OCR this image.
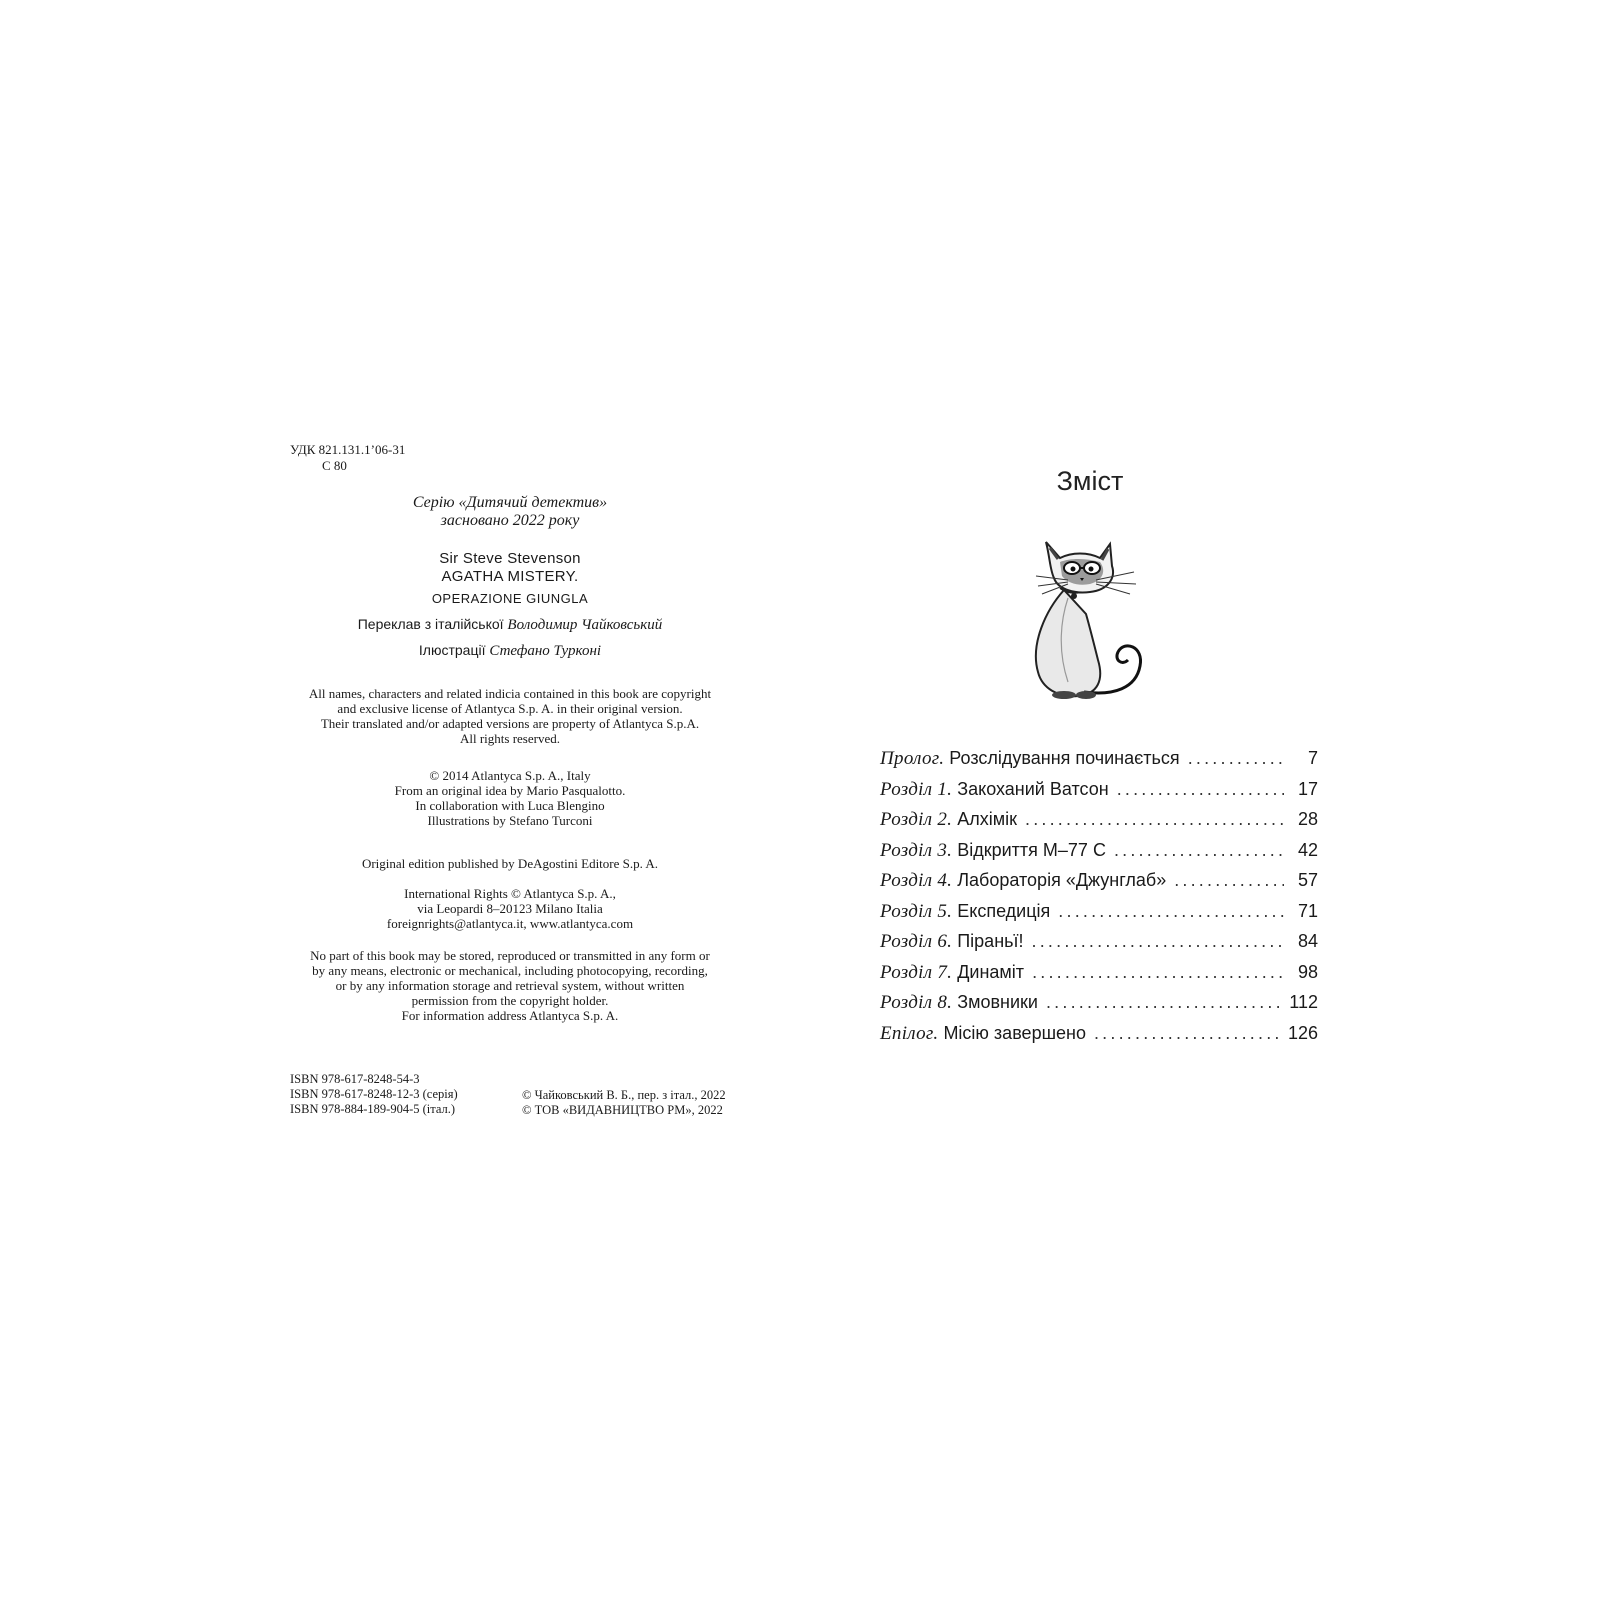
УДК 821.131.1’06-31
С 80
Серію «Дитячий детектив»
засновано 2022 року
Sir Steve Stevenson
AGATHA MISTERY.
OPERAZIONE GIUNGLA
Переклав з італійської Володимир Чайковський
Ілюстрації Стефано Турконі
All names, characters and related indicia contained in this book are copyright
and exclusive license of Atlantyca S.p. A. in their original version.
Their translated and/or adapted versions are property of Atlantyca S.p.A.
All rights reserved.
© 2014 Atlantyca S.p. A., Italy
From an original idea by Mario Pasqualotto.
In collaboration with Luca Blengino
Illustrations by Stefano Turconi
Original edition published by DeAgostini Editore S.p. A.
International Rights © Atlantyca S.p. A.,
via Leopardi 8–20123 Milano Italia
foreignrights@atlantyca.it, www.atlantyca.com
No part of this book may be stored, reproduced or transmitted in any form or
by any means, electronic or mechanical, including photocopying, recording,
or by any information storage and retrieval system, without written
permission from the copyright holder.
For information address Atlantyca S.p. A.
ISBN 978-617-8248-54-3
ISBN 978-617-8248-12-3 (серія)
ISBN 978-884-189-904-5 (італ.)
© Чайковський В. Б., пер. з італ., 2022
© ТОВ «ВИДАВНИЦТВО РМ», 2022
Зміст
Пролог. Розслідування починається .....	7
Розділ 1. Закоханий Ватсон .....	17
Розділ 2. Алхімік .....	28
Розділ 3. Відкриття М–77 С .....	42
Розділ 4. Лабораторія «Джунглаб» .....	57
Розділ 5. Експедиція .....	71
Розділ 6. Піраньї! .....	84
Розділ 7. Динаміт .....	98
Розділ 8. Змовники .....	112
Епілог. Місію завершено .....	126
